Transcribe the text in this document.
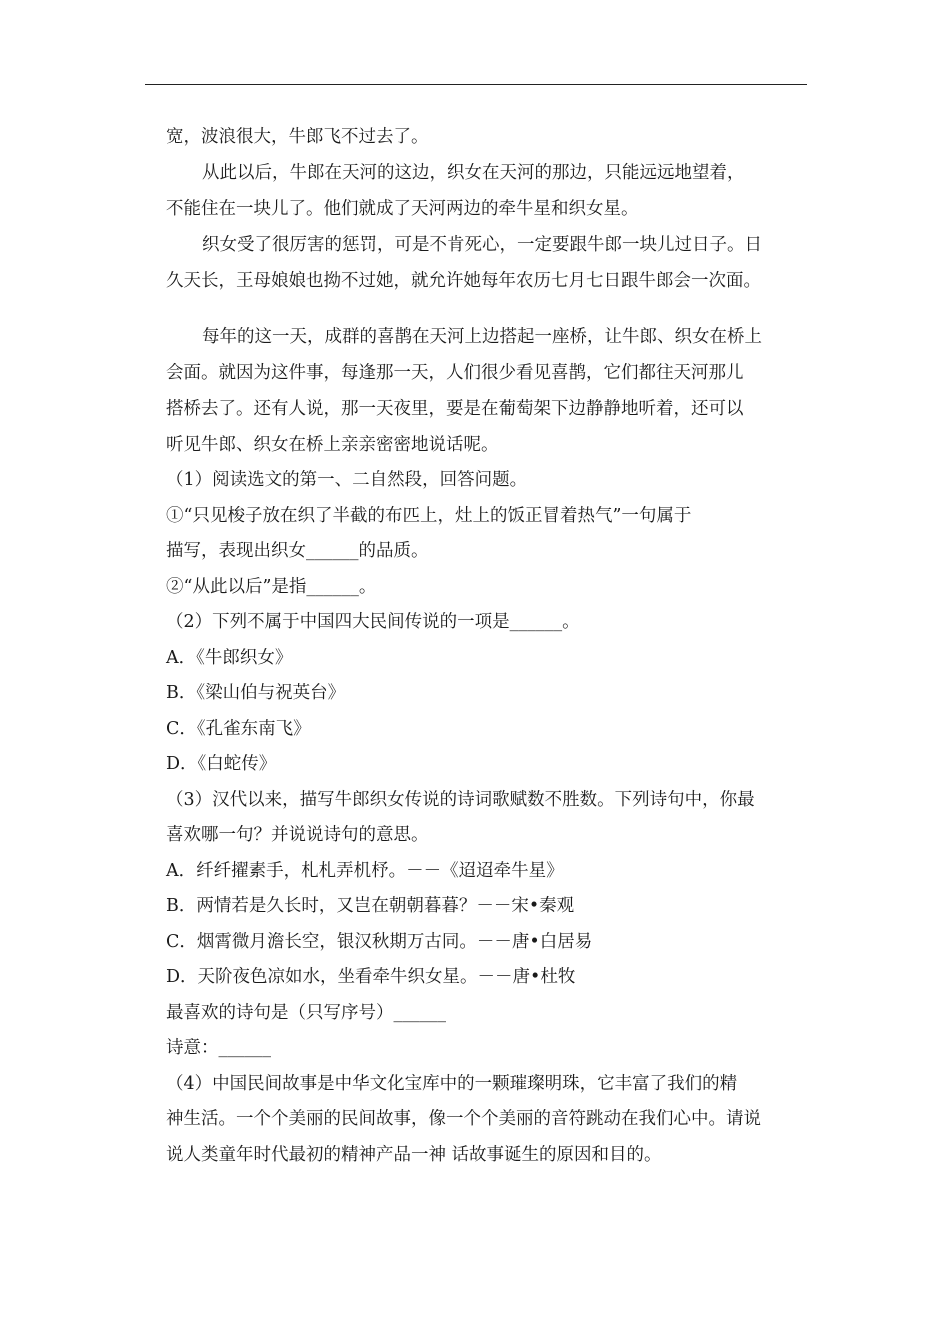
宽，波浪很大，牛郎飞不过去了。
从此以后，牛郎在天河的这边，织女在天河的那边，只能远远地望着，
不能住在一块儿了。他们就成了天河两边的牵牛星和织女星。
织女受了很厉害的惩罚，可是不肯死心，一定要跟牛郎一块儿过日子。日
久天长，王母娘娘也拗不过她，就允许她每年农历七月七日跟牛郎会一次面。
每年的这一天，成群的喜鹊在天河上边搭起一座桥，让牛郎、织女在桥上
会面。就因为这件事，每逢那一天，人们很少看见喜鹊，它们都往天河那儿
搭桥去了。还有人说，那一天夜里，要是在葡萄架下边静静地听着，还可以
听见牛郎、织女在桥上亲亲密密地说话呢。
（1）阅读选文的第一、二自然段，回答问题。
①“只见梭子放在织了半截的布匹上，灶上的饭正冒着热气”一句属于
描写，表现出织女______的品质。
②“从此以后”是指______。
（2）下列不属于中国四大民间传说的一项是______。
A．《牛郎织女》
B．《梁山伯与祝英台》
C．《孔雀东南飞》
D．《白蛇传》
（3）汉代以来，描写牛郎织女传说的诗词歌赋数不胜数。下列诗句中，你最
喜欢哪一句？并说说诗句的意思。
A．纤纤擢素手，札札弄机杼。－－《迢迢牵牛星》
B．两情若是久长时，又岂在朝朝暮暮？－－宋•秦观
C．烟霄微月澹长空，银汉秋期万古同。－－唐•白居易
D．天阶夜色凉如水，坐看牵牛织女星。－－唐•杜牧
最喜欢的诗句是（只写序号）______
诗意：______
（4）中国民间故事是中华文化宝库中的一颗璀璨明珠，它丰富了我们的精
神生活。一个个美丽的民间故事，像一个个美丽的音符跳动在我们心中。请说
说人类童年时代最初的精神产品一神 话故事诞生的原因和目的。
